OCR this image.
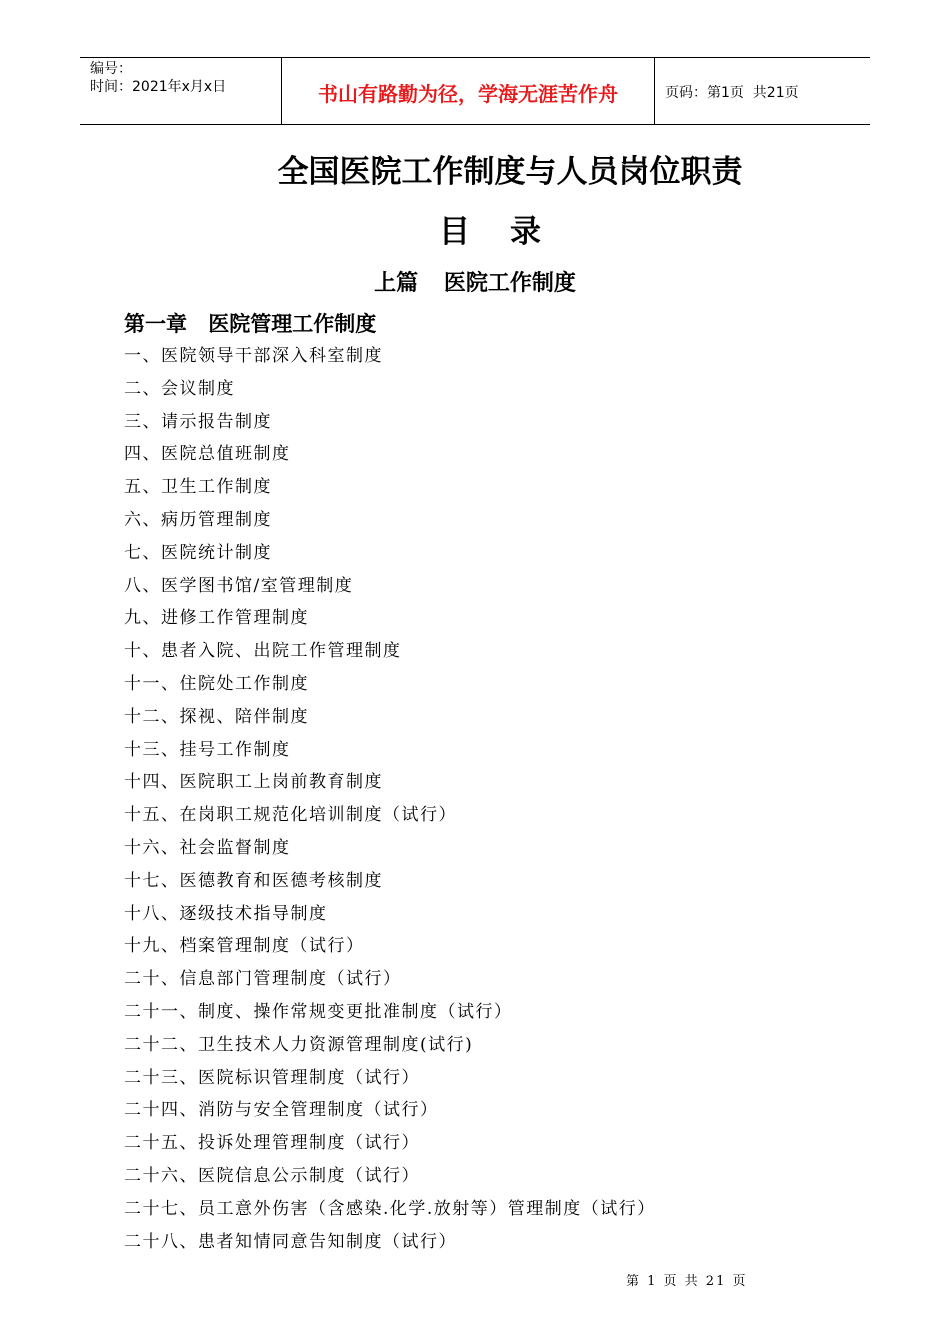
编号：
时间：2021年x月x日	书山有路勤为径，学海无涯苦作舟	页码：第1页  共21页
全国医院工作制度与人员岗位职责
目录
上篇 医院工作制度
第一章 医院管理工作制度
一、医院领导干部深入科室制度
二、会议制度
三、请示报告制度
四、医院总值班制度
五、卫生工作制度
六、病历管理制度
七、医院统计制度
八、医学图书馆/室管理制度
九、进修工作管理制度
十、患者入院、出院工作管理制度
十一、住院处工作制度
十二、探视、陪伴制度
十三、挂号工作制度
十四、医院职工上岗前教育制度
十五、在岗职工规范化培训制度（试行）
十六、社会监督制度
十七、医德教育和医德考核制度
十八、逐级技术指导制度
十九、档案管理制度（试行）
二十、信息部门管理制度（试行）
二十一、制度、操作常规变更批准制度（试行）
二十二、卫生技术人力资源管理制度(试行)
二十三、医院标识管理制度（试行）
二十四、消防与安全管理制度（试行）
二十五、投诉处理管理制度（试行）
二十六、医院信息公示制度（试行）
二十七、员工意外伤害（含感染.化学.放射等）管理制度（试行）
二十八、患者知情同意告知制度（试行）
第 1 页 共 21 页
